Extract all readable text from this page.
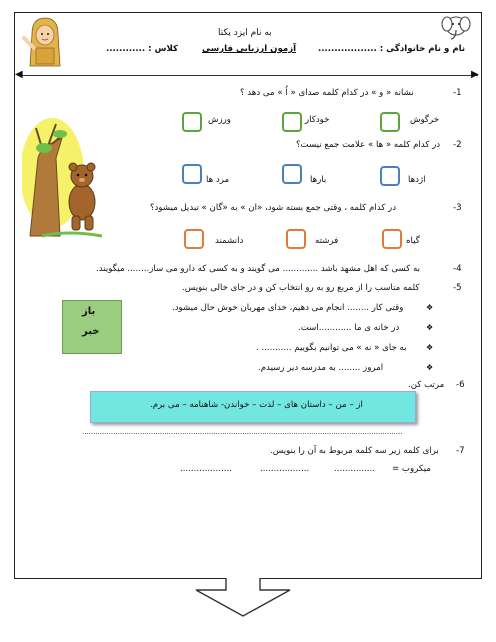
به نام ایزد یکتا
نام و نام خانوادگی : ..................
آزمون ارزیابی فارسی
کلاس : ............
◀	▶
1-
نشانه « و » در کدام کلمه صدای « اُ » می دهد ؟
خرگوش
خودکار
ورزش
2-
در کدام کلمه « ها » علامت جمع نیست؟
اژدها
بارها
مرد ها
3-
در کدام کلمه ، وقتی جمع بسته شود، «ان » به «گان » تبدیل میشود؟
گیاه
فرشته
دانشمند
4-
به کسی که اهل مشهد باشد ............. می گویند و به کسی که دارو می ساز........ میگویند.
5-
کلمه مناسب را از مربع رو به رو انتخاب کن و در جای خالی بنویس.
باز
خبر
❖
وقتی کار ........ انجام می دهیم، خدای مهربان خوش حال میشود.
❖
در خانه ی ما ............است.
❖
به جای « نه » می توانیم بگوییم ........... .
❖
امروز ........ به مدرسه دیر رسیدم.
6-
مرتب کن.
از – من – داستان های – لذت – خواندن- شاهنامه – می برم.
................................................................................................................................................
7-
برای کلمه زیر سه کلمه مربوط به آن را بنویس.
میکروب =
...............
..................
...................
